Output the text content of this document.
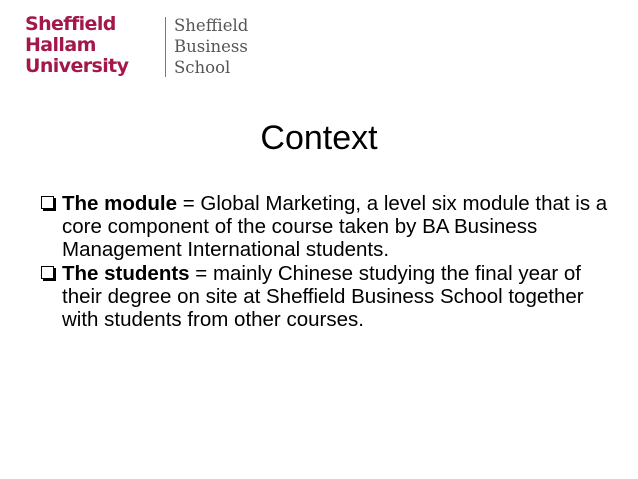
Sheffield
Hallam
University
Sheffield
Business
School
Context
The module = Global Marketing, a level six module that is a core component of the course taken by BA Business Management International students.
The students = mainly Chinese studying the final year of their degree on site at Sheffield Business School together with students from other courses.
